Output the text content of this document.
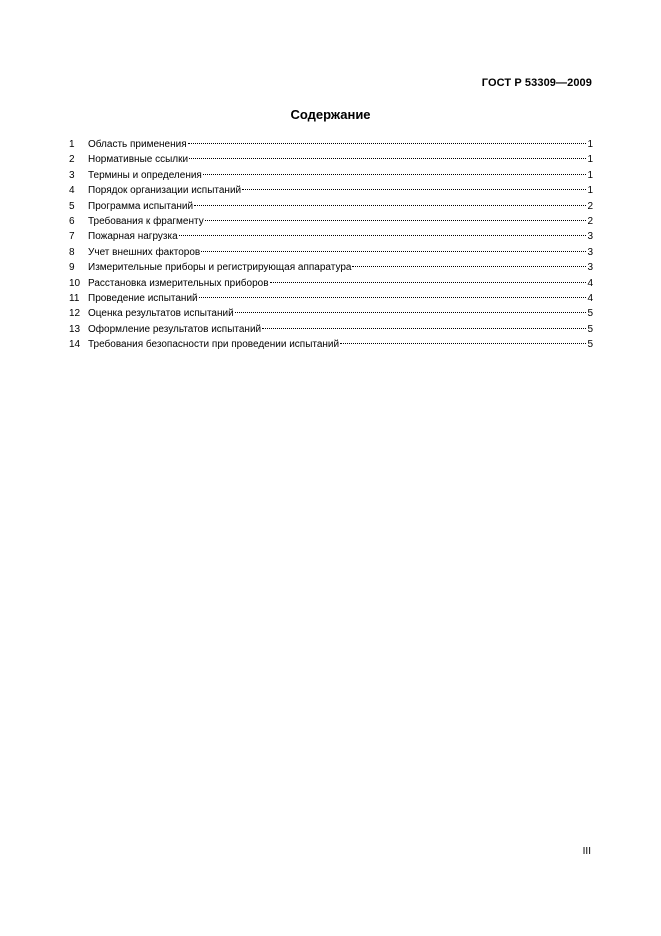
ГОСТ Р 53309—2009
Содержание
1	Область применения	1
2	Нормативные ссылки	1
3	Термины и определения	1
4	Порядок организации испытаний	1
5	Программа испытаний	2
6	Требования к фрагменту	2
7	Пожарная нагрузка	3
8	Учет внешних факторов	3
9	Измерительные приборы и регистрирующая аппаратура	3
10 Расстановка измерительных приборов	4
11 Проведение испытаний	4
12 Оценка результатов испытаний	5
13 Оформление результатов испытаний	5
14 Требования безопасности при проведении испытаний	5
III
